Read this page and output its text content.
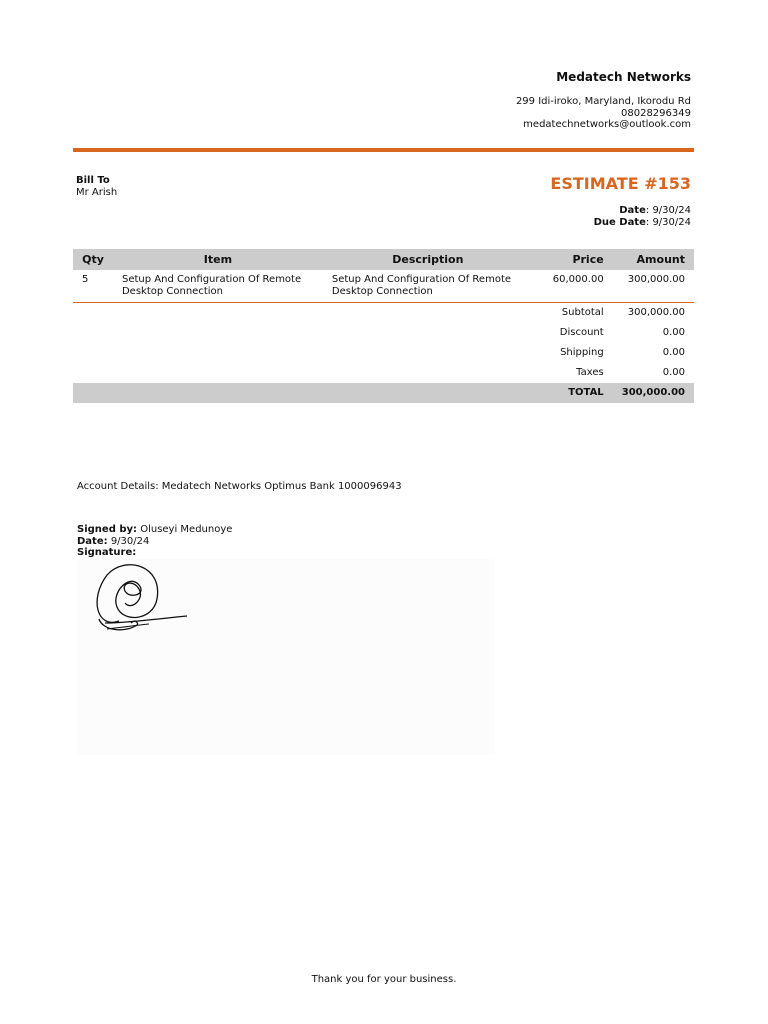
Medatech Networks
299 Idi-iroko, Maryland, Ikorodu Rd
08028296349
medatechnetworks@outlook.com
Bill To
Mr Arish	ESTIMATE #153
Date: 9/30/24
Due Date: 9/30/24
Qty	Item	Description	Price	Amount
5	Setup And Configuration Of Remote Desktop Connection	Setup And Configuration Of Remote Desktop Connection	60,000.00	300,000.00
			Subtotal	300,000.00
			Discount	0.00
			Shipping	0.00
			Taxes	0.00
			TOTAL	300,000.00
Account Details: Medatech Networks Optimus Bank 1000096943
Signed by: Oluseyi Medunoye
Date: 9/30/24
Signature:
Thank you for your business.
